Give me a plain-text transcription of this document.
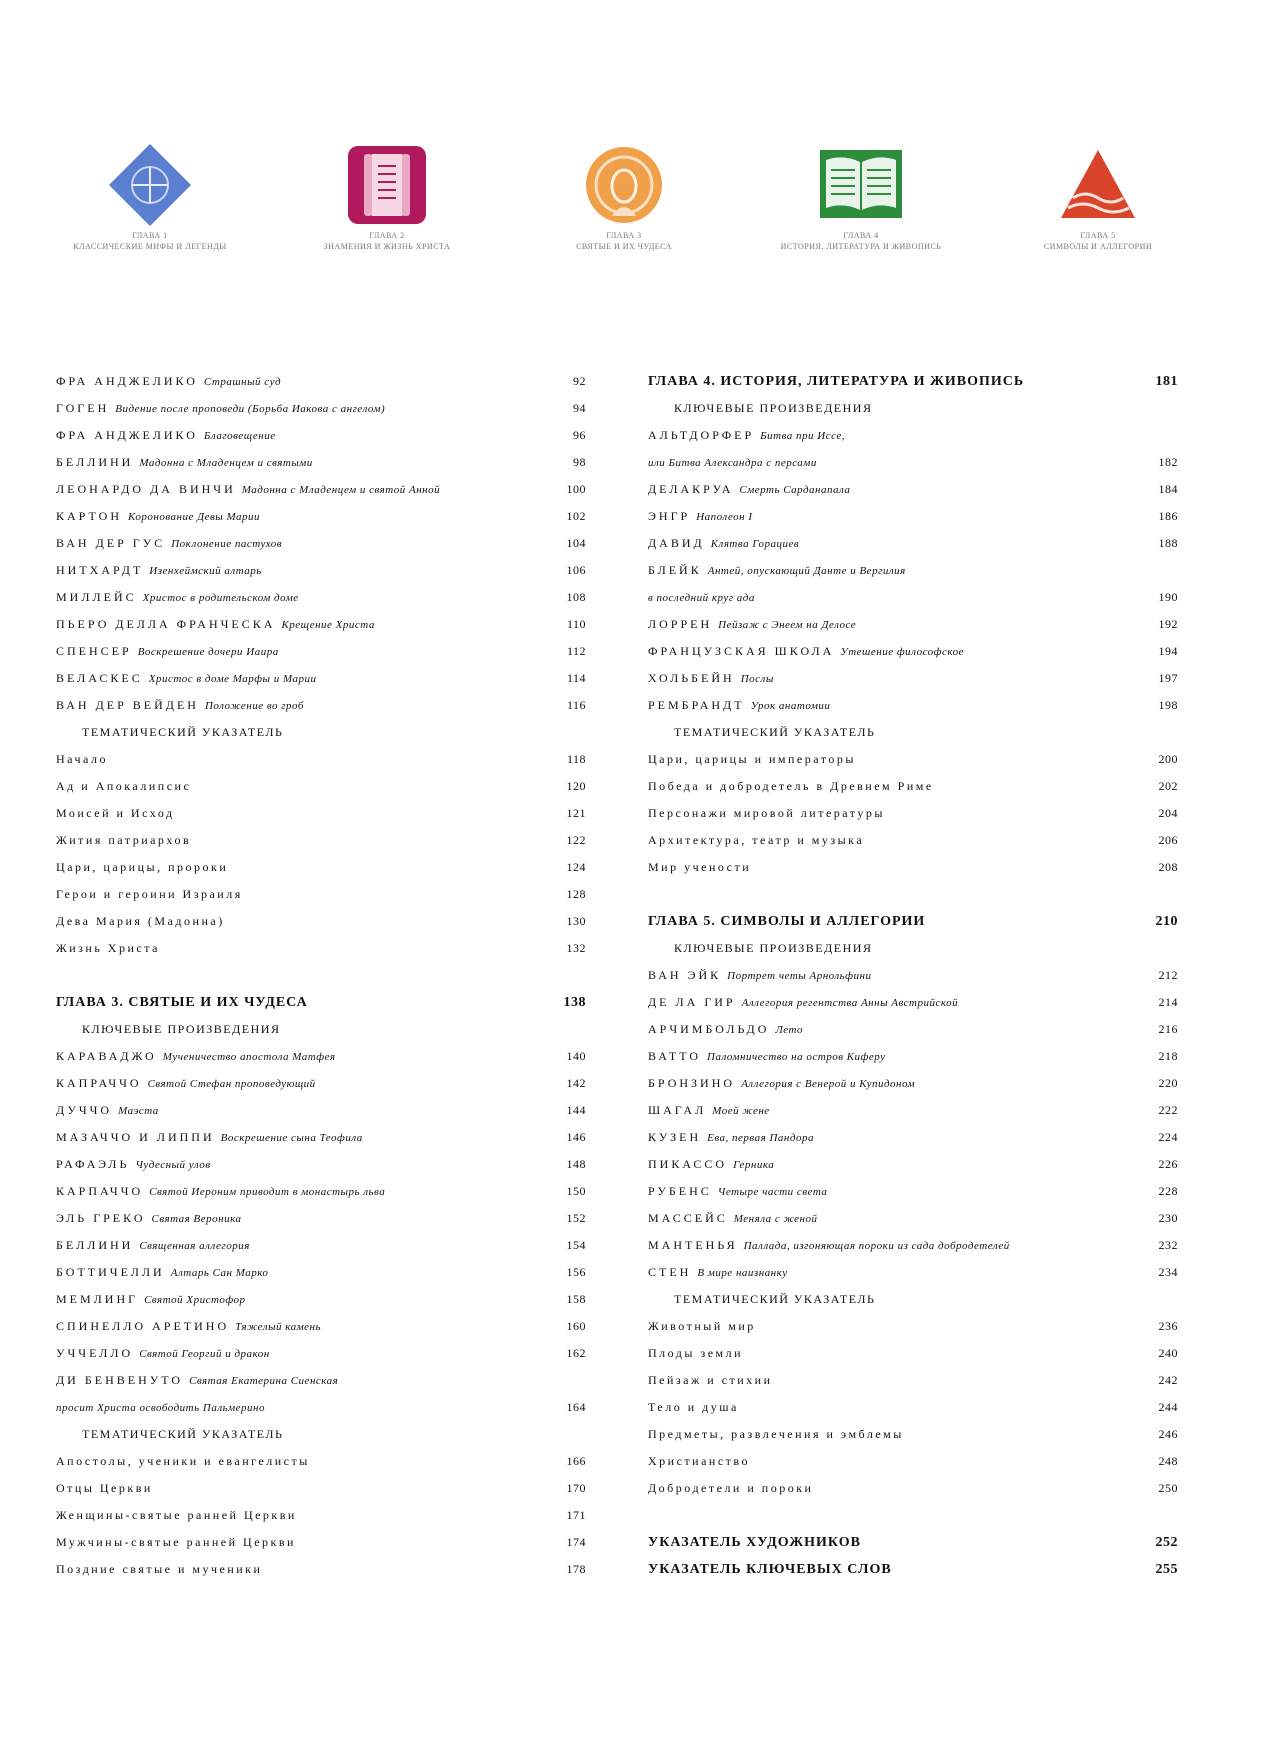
ГЛАВА 1
КЛАССИЧЕСКИЕ МИФЫ И ЛЕГЕНДЫ
ГЛАВА 2
ЗНАМЕНИЯ И ЖИЗНЬ ХРИСТА
ГЛАВА 3
СВЯТЫЕ И ИХ ЧУДЕСА
ГЛАВА 4
ИСТОРИЯ, ЛИТЕРАТУРА И ЖИВОПИСЬ
ГЛАВА 5
СИМВОЛЫ И АЛЛЕГОРИИ
ФРА АНДЖЕЛИКО Страшный суд	92
ГОГЕН Видение после проповеди (Борьба Иакова с ангелом)	94
ФРА АНДЖЕЛИКО Благовещение	96
БЕЛЛИНИ Мадонна с Младенцем и святыми	98
ЛЕОНАРДО ДА ВИНЧИ Мадонна с Младенцем и святой Анной	100
КАРТОН Коронование Девы Марии	102
ВАН ДЕР ГУС Поклонение пастухов	104
НИТХАРДТ Изенхеймский алтарь	106
МИЛЛЕЙС Христос в родительском доме	108
ПЬЕРО ДЕЛЛА ФРАНЧЕСКА Крещение Христа	110
СПЕНСЕР Воскрешение дочери Иаира	112
ВЕЛАСКЕС Христос в доме Марфы и Марии	114
ВАН ДЕР ВЕЙДЕН Положение во гроб	116
ТЕМАТИЧЕСКИЙ УКАЗАТЕЛЬ
Начало	118
Ад и Апокалипсис	120
Моисей и Исход	121
Жития патриархов	122
Цари, царицы, пророки	124
Герои и героини Израиля	128
Дева Мария (Мадонна)	130
Жизнь Христа	132
ГЛАВА 3. СВЯТЫЕ И ИХ ЧУДЕСА	138
КЛЮЧЕВЫЕ ПРОИЗВЕДЕНИЯ
КАРАВАДЖО Мученичество апостола Матфея	140
КАПРАЧЧО Святой Стефан проповедующий	142
ДУЧЧО Маэста	144
МАЗАЧЧО И ЛИППИ Воскрешение сына Теофила	146
РАФАЭЛЬ Чудесный улов	148
КАРПАЧЧО Святой Иероним приводит в монастырь льва	150
ЭЛЬ ГРЕКО Святая Вероника	152
БЕЛЛИНИ Священная аллегория	154
БОТТИЧЕЛЛИ Алтарь Сан Марко	156
МЕМЛИНГ Святой Христофор	158
СПИНЕЛЛО АРЕТИНО Тяжелый камень	160
УЧЧЕЛЛО Святой Георгий и дракон	162
ДИ БЕНВЕНУТО Святая Екатерина Сиенская
просит Христа освободить Пальмерино	164
ТЕМАТИЧЕСКИЙ УКАЗАТЕЛЬ
Апостолы, ученики и евангелисты	166
Отцы Церкви	170
Женщины-святые ранней Церкви	171
Мужчины-святые ранней Церкви	174
Поздние святые и мученики	178
ГЛАВА 4. ИСТОРИЯ, ЛИТЕРАТУРА И ЖИВОПИСЬ	181
КЛЮЧЕВЫЕ ПРОИЗВЕДЕНИЯ
АЛЬТДОРФЕР Битва при Иссе,
или Битва Александра с персами	182
ДЕЛАКРУА Смерть Сарданапала	184
ЭНГР Наполеон I	186
ДАВИД Клятва Горациев	188
БЛЕЙК Антей, опускающий Данте и Вергилия
в последний круг ада	190
ЛОРРЕН Пейзаж с Энеем на Делосе	192
ФРАНЦУЗСКАЯ ШКОЛА Утешение философское	194
ХОЛЬБЕЙН Послы	197
РЕМБРАНДТ Урок анатомии	198
ТЕМАТИЧЕСКИЙ УКАЗАТЕЛЬ
Цари, царицы и императоры	200
Победа и добродетель в Древнем Риме	202
Персонажи мировой литературы	204
Архитектура, театр и музыка	206
Мир учености	208
ГЛАВА 5. СИМВОЛЫ И АЛЛЕГОРИИ	210
КЛЮЧЕВЫЕ ПРОИЗВЕДЕНИЯ
ВАН ЭЙК Портрет четы Арнольфини	212
ДЕ ЛА ГИР Аллегория регентства Анны Австрийской	214
АРЧИМБОЛЬДО Лето	216
ВАТТО Паломничество на остров Киферу	218
БРОНЗИНО Аллегория с Венерой и Купидоном	220
ШАГАЛ Моей жене	222
КУЗЕН Ева, первая Пандора	224
ПИКАССО Герника	226
РУБЕНС Четыре части света	228
МАССЕЙС Меняла с женой	230
МАНТЕНЬЯ Паллада, изгоняющая пороки из сада добродетелей	232
СТЕН В мире наизнанку	234
ТЕМАТИЧЕСКИЙ УКАЗАТЕЛЬ
Животный мир	236
Плоды земли	240
Пейзаж и стихии	242
Тело и душа	244
Предметы, развлечения и эмблемы	246
Христианство	248
Добродетели и пороки	250
УКАЗАТЕЛЬ ХУДОЖНИКОВ	252
УКАЗАТЕЛЬ КЛЮЧЕВЫХ СЛОВ	255
